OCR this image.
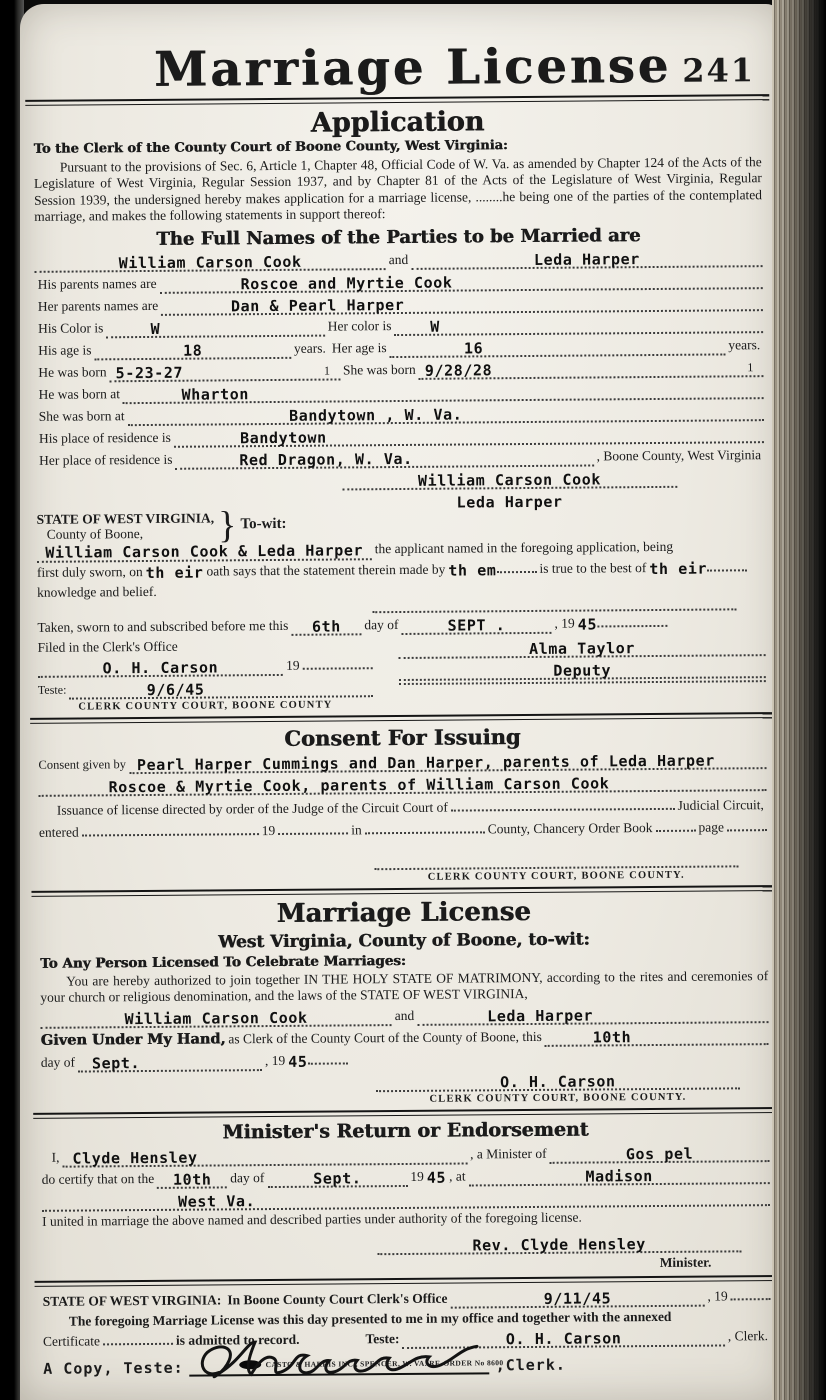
Marriage License 241
Application
To the Clerk of the County Court of Boone County, West Virginia:

Pursuant to the provisions of Sec. 6, Article 1, Chapter 48, Official Code of W. Va. as amended by Chapter 124 of the Acts of the Legislature of West Virginia, Regular Session 1937, and by Chapter 81 of the Acts of the Legislature of West Virginia, Regular Session 1939, the undersigned hereby makes application for a marriage license, ........he being one of the parties of the contemplated marriage, and makes the following statements in support thereof:

The Full Names of the Parties to be Married are
William Carson Cook	and	Leda Harper
His parents names are	Roscoe and Myrtie Cook
Her parents names are	Dan & Pearl Harper
His Color is	W	Her color is	W
His age is	18	years. Her age is	16	years.
He was born 5-23-27	1 She was born 9/28/28	1
He was born at	Wharton
She was born at	Bandytown , W. Va.
His place of residence is	Bandytown
Her place of residence is	Red Dragon, W. Va.	, Boone County, West Virginia
William Carson Cook
Leda Harper
STATE OF WEST VIRGINIA,
County of Boone,	} To-wit:
William Carson Cook & Leda Harper the applicant named in the foregoing application, being
first duly sworn, on th eir oath says that the statement therein made by th em	is true to the best of th eir
knowledge and belief.
Taken, sworn to and subscribed before me this 6th day of	SEPT .	, 19 45
Filed in the Clerk's Office
O. H. Carson	19
Teste:	9/6/45
CLERK COUNTY COURT, BOONE COUNTY
Alma Taylor
Deputy
Consent For Issuing
Consent given by Pearl Harper Cummings and Dan Harper, parents of Leda Harper
Roscoe & Myrtie Cook, parents of William Carson Cook
Issuance of license directed by order of the Judge of the Circuit Court of	Judicial Circuit,
entered	19	in	County, Chancery Order Book	page
CLERK COUNTY COURT, BOONE COUNTY.
Marriage License
West Virginia, County of Boone, to-wit:
To Any Person Licensed To Celebrate Marriages:

You are hereby authorized to join together IN THE HOLY STATE OF MATRIMONY, according to the rites and ceremonies of your church or religious denomination, and the laws of the STATE OF WEST VIRGINIA,

William Carson Cook	and	Leda Harper
Given Under My Hand, as Clerk of the County Court of the County of Boone, this	10th
day of Sept.	, 19 45
O. H. Carson
CLERK COUNTY COURT, BOONE COUNTY.
Minister's Return or Endorsement
I, Clyde Hensley	, a Minister of	Gos pel
do certify that on the 10th day of	Sept.	19 45 , at	Madison
West Va.
I united in marriage the above named and described parties under authority of the foregoing license.
Rev. Clyde Hensley
Minister.
STATE OF WEST VIRGINIA: In Boone County Court Clerk's Office	9/11/45	, 19

The foregoing Marriage License was this day presented to me in my office and together with the annexed

Certificate	is admitted to record.	Teste:	O. H. Carson	, Clerk.
A Copy, Teste:	CASTO & HARRIS INC., SPENCER, W. VA. RE-ORDER No 8600
,Clerk.
